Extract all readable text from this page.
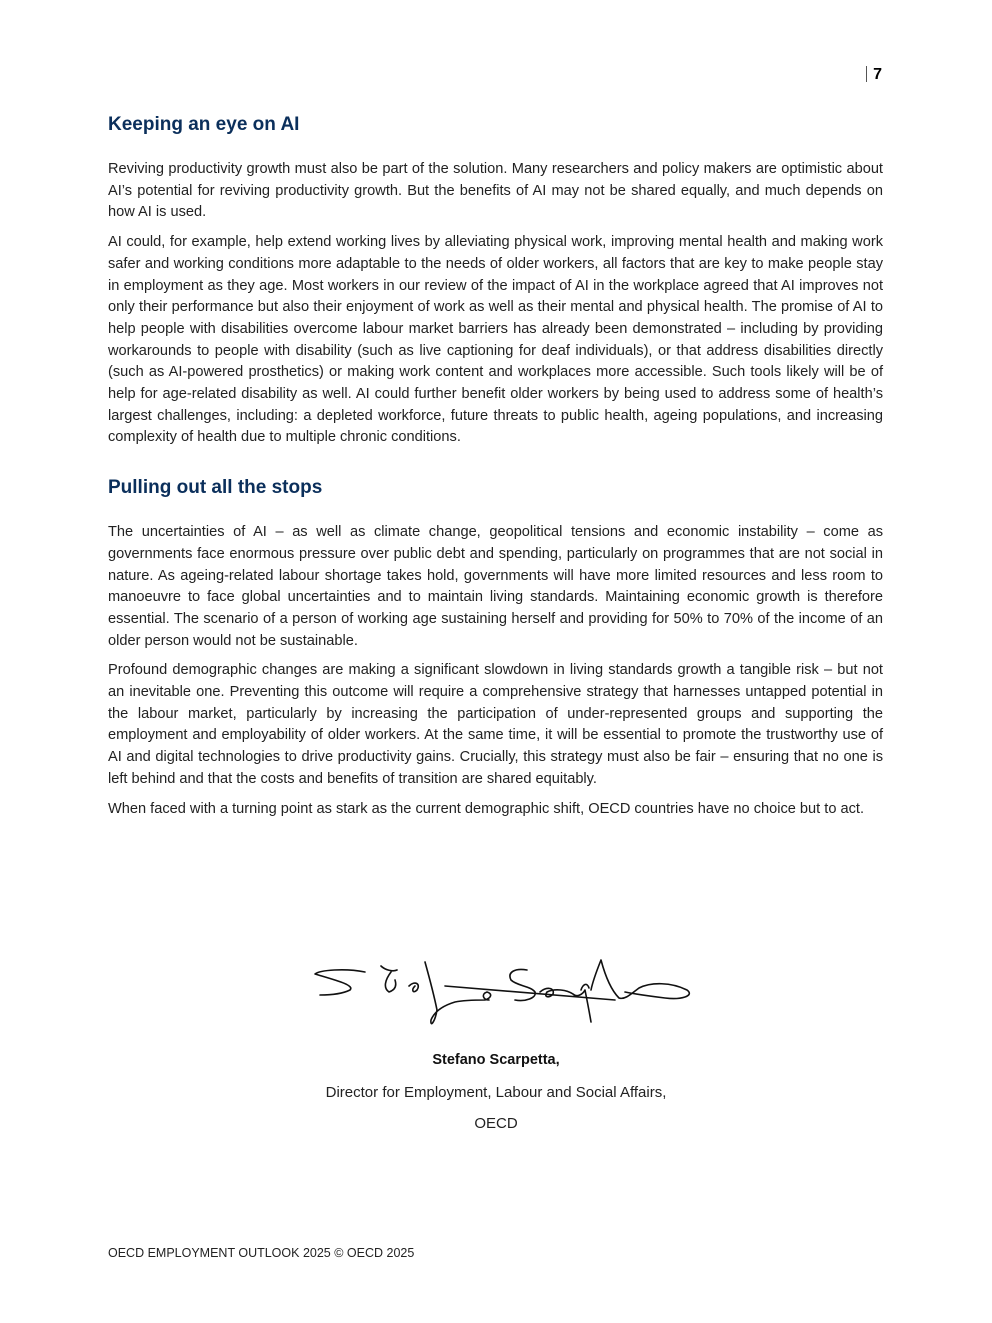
7
Keeping an eye on AI

Reviving productivity growth must also be part of the solution. Many researchers and policy makers are optimistic about AI’s potential for reviving productivity growth. But the benefits of AI may not be shared equally, and much depends on how AI is used.

AI could, for example, help extend working lives by alleviating physical work, improving mental health and making work safer and working conditions more adaptable to the needs of older workers, all factors that are key to make people stay in employment as they age. Most workers in our review of the impact of AI in the workplace agreed that AI improves not only their performance but also their enjoyment of work as well as their mental and physical health. The promise of AI to help people with disabilities overcome labour market barriers has already been demonstrated – including by providing workarounds to people with disability (such as live captioning for deaf individuals), or that address disabilities directly (such as AI-powered prosthetics) or making work content and workplaces more accessible. Such tools likely will be of help for age-related disability as well. AI could further benefit older workers by being used to address some of health’s largest challenges, including: a depleted workforce, future threats to public health, ageing populations, and increasing complexity of health due to multiple chronic conditions.

Pulling out all the stops

The uncertainties of AI – as well as climate change, geopolitical tensions and economic instability – come as governments face enormous pressure over public debt and spending, particularly on programmes that are not social in nature. As ageing-related labour shortage takes hold, governments will have more limited resources and less room to manoeuvre to face global uncertainties and to maintain living standards. Maintaining economic growth is therefore essential. The scenario of a person of working age sustaining herself and providing for 50% to 70% of the income of an older person would not be sustainable.

Profound demographic changes are making a significant slowdown in living standards growth a tangible risk – but not an inevitable one. Preventing this outcome will require a comprehensive strategy that harnesses untapped potential in the labour market, particularly by increasing the participation of under-represented groups and supporting the employment and employability of older workers. At the same time, it will be essential to promote the trustworthy use of AI and digital technologies to drive productivity gains. Crucially, this strategy must also be fair – ensuring that no one is left behind and that the costs and benefits of transition are shared equitably.

When faced with a turning point as stark as the current demographic shift, OECD countries have no choice but to act.

Stefano Scarpetta,
Director for Employment, Labour and Social Affairs,
OECD
OECD EMPLOYMENT OUTLOOK 2025 © OECD 2025
